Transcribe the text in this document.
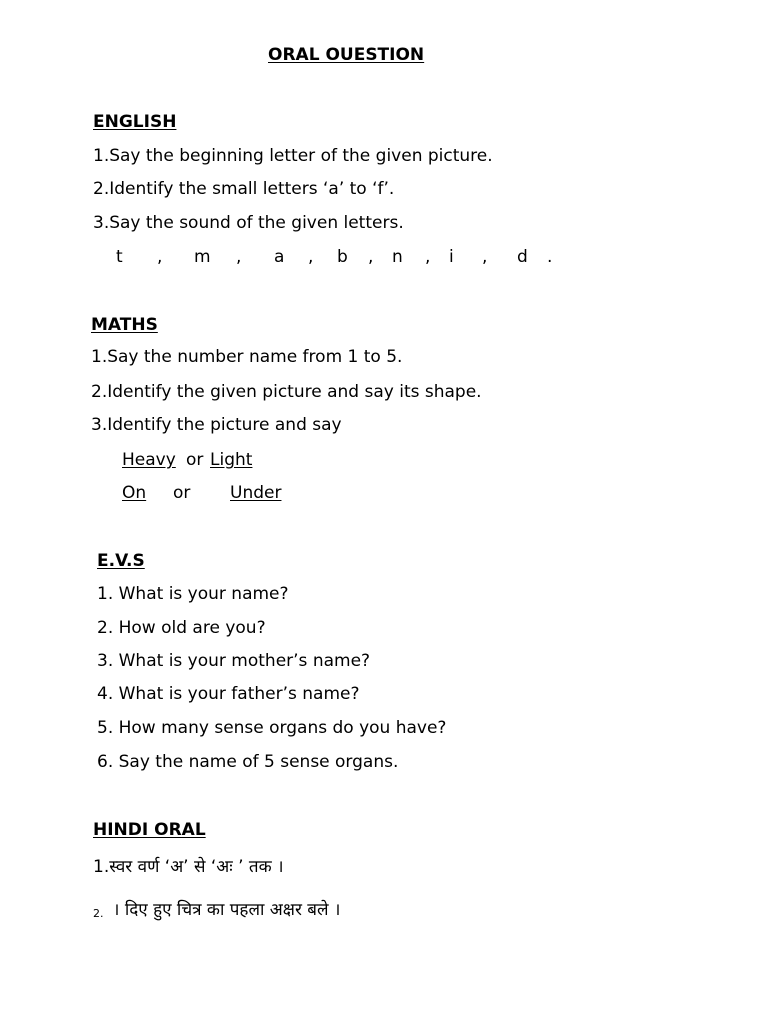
ORAL OUESTION
ENGLISH
1.Say the beginning letter of the given picture.
2.Identify the small letters ‘a’ to ‘f’.
3.Say the sound of the given letters.
t , m , a , b , n , i , d .
MATHS
1.Say the number name from 1 to 5.
2.Identify the given picture and say its shape.
3.Identify the picture and say
Heavy or Light
On or Under
E.V.S
1. What is your name?
2. How old are you?
3. What is your mother’s name?
4. What is your father’s name?
5. How many sense organs do you have?
6. Say the name of 5 sense organs.
HINDI ORAL
1.स्वर वर्ण ‘अ’ से ‘अः ’ तक ।
2. । दिए हुए चित्र का पहला अक्षर बले ।
